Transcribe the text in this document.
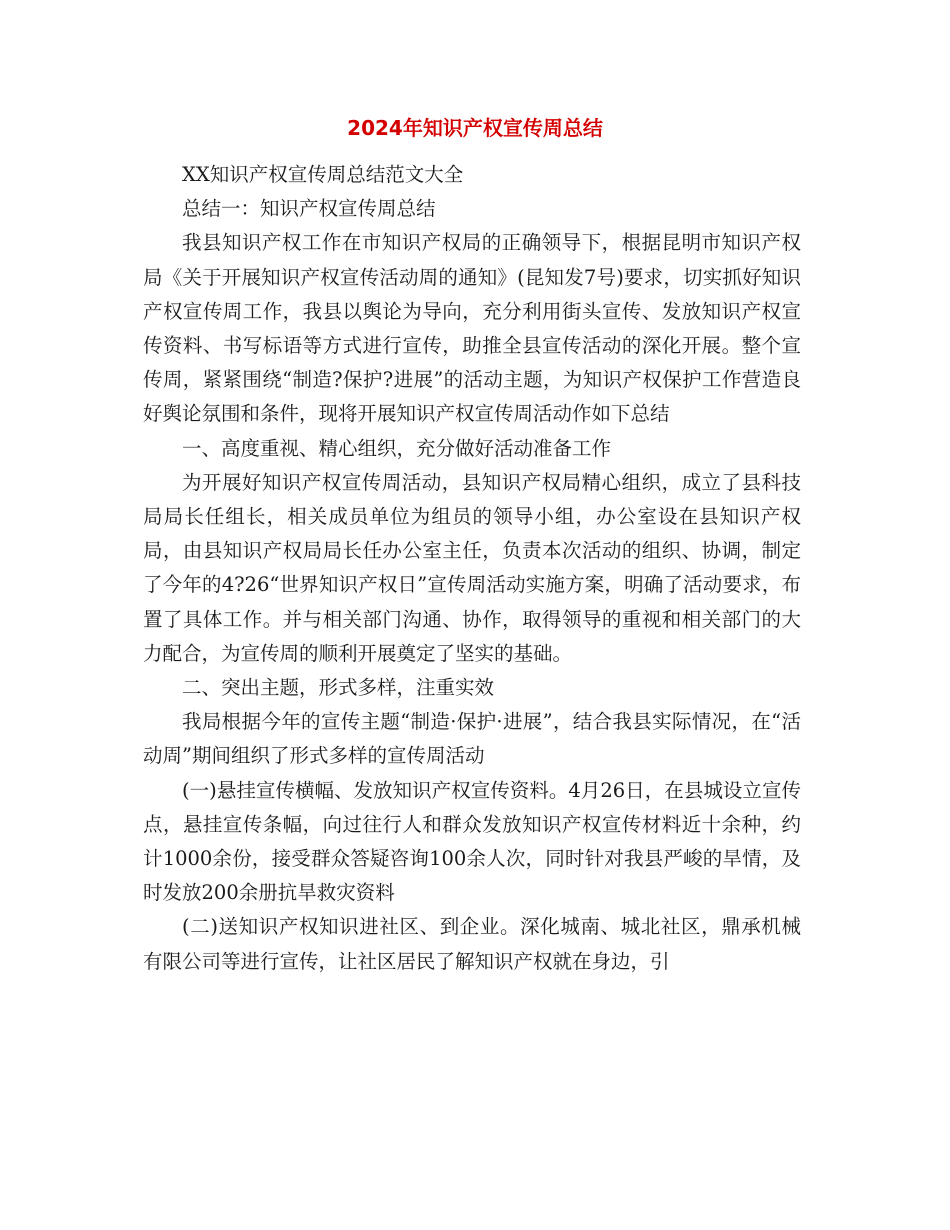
2024年知识产权宣传周总结

XX知识产权宣传周总结范文大全

总结一：知识产权宣传周总结

我县知识产权工作在市知识产权局的正确领导下，根据昆明市知识产权局《关于开展知识产权宣传活动周的通知》(昆知发7号)要求，切实抓好知识产权宣传周工作，我县以舆论为导向，充分利用街头宣传、发放知识产权宣传资料、书写标语等方式进行宣传，助推全县宣传活动的深化开展。整个宣传周，紧紧围绕“制造?保护?进展”的活动主题，为知识产权保护工作营造良好舆论氛围和条件，现将开展知识产权宣传周活动作如下总结

一、高度重视、精心组织，充分做好活动准备工作

为开展好知识产权宣传周活动，县知识产权局精心组织，成立了县科技局局长任组长，相关成员单位为组员的领导小组，办公室设在县知识产权局，由县知识产权局局长任办公室主任，负责本次活动的组织、协调，制定了今年的4?26“世界知识产权日”宣传周活动实施方案，明确了活动要求，布置了具体工作。并与相关部门沟通、协作，取得领导的重视和相关部门的大力配合，为宣传周的顺利开展奠定了坚实的基础。

二、突出主题，形式多样，注重实效

我局根据今年的宣传主题“制造·保护·进展”，结合我县实际情况，在“活动周”期间组织了形式多样的宣传周活动

(一)悬挂宣传横幅、发放知识产权宣传资料。4月26日，在县城设立宣传点，悬挂宣传条幅，向过往行人和群众发放知识产权宣传材料近十余种，约计1000余份，接受群众答疑咨询100余人次，同时针对我县严峻的旱情，及时发放200余册抗旱救灾资料

(二)送知识产权知识进社区、到企业。深化城南、城北社区，鼎承机械有限公司等进行宣传，让社区居民了解知识产权就在身边，引
